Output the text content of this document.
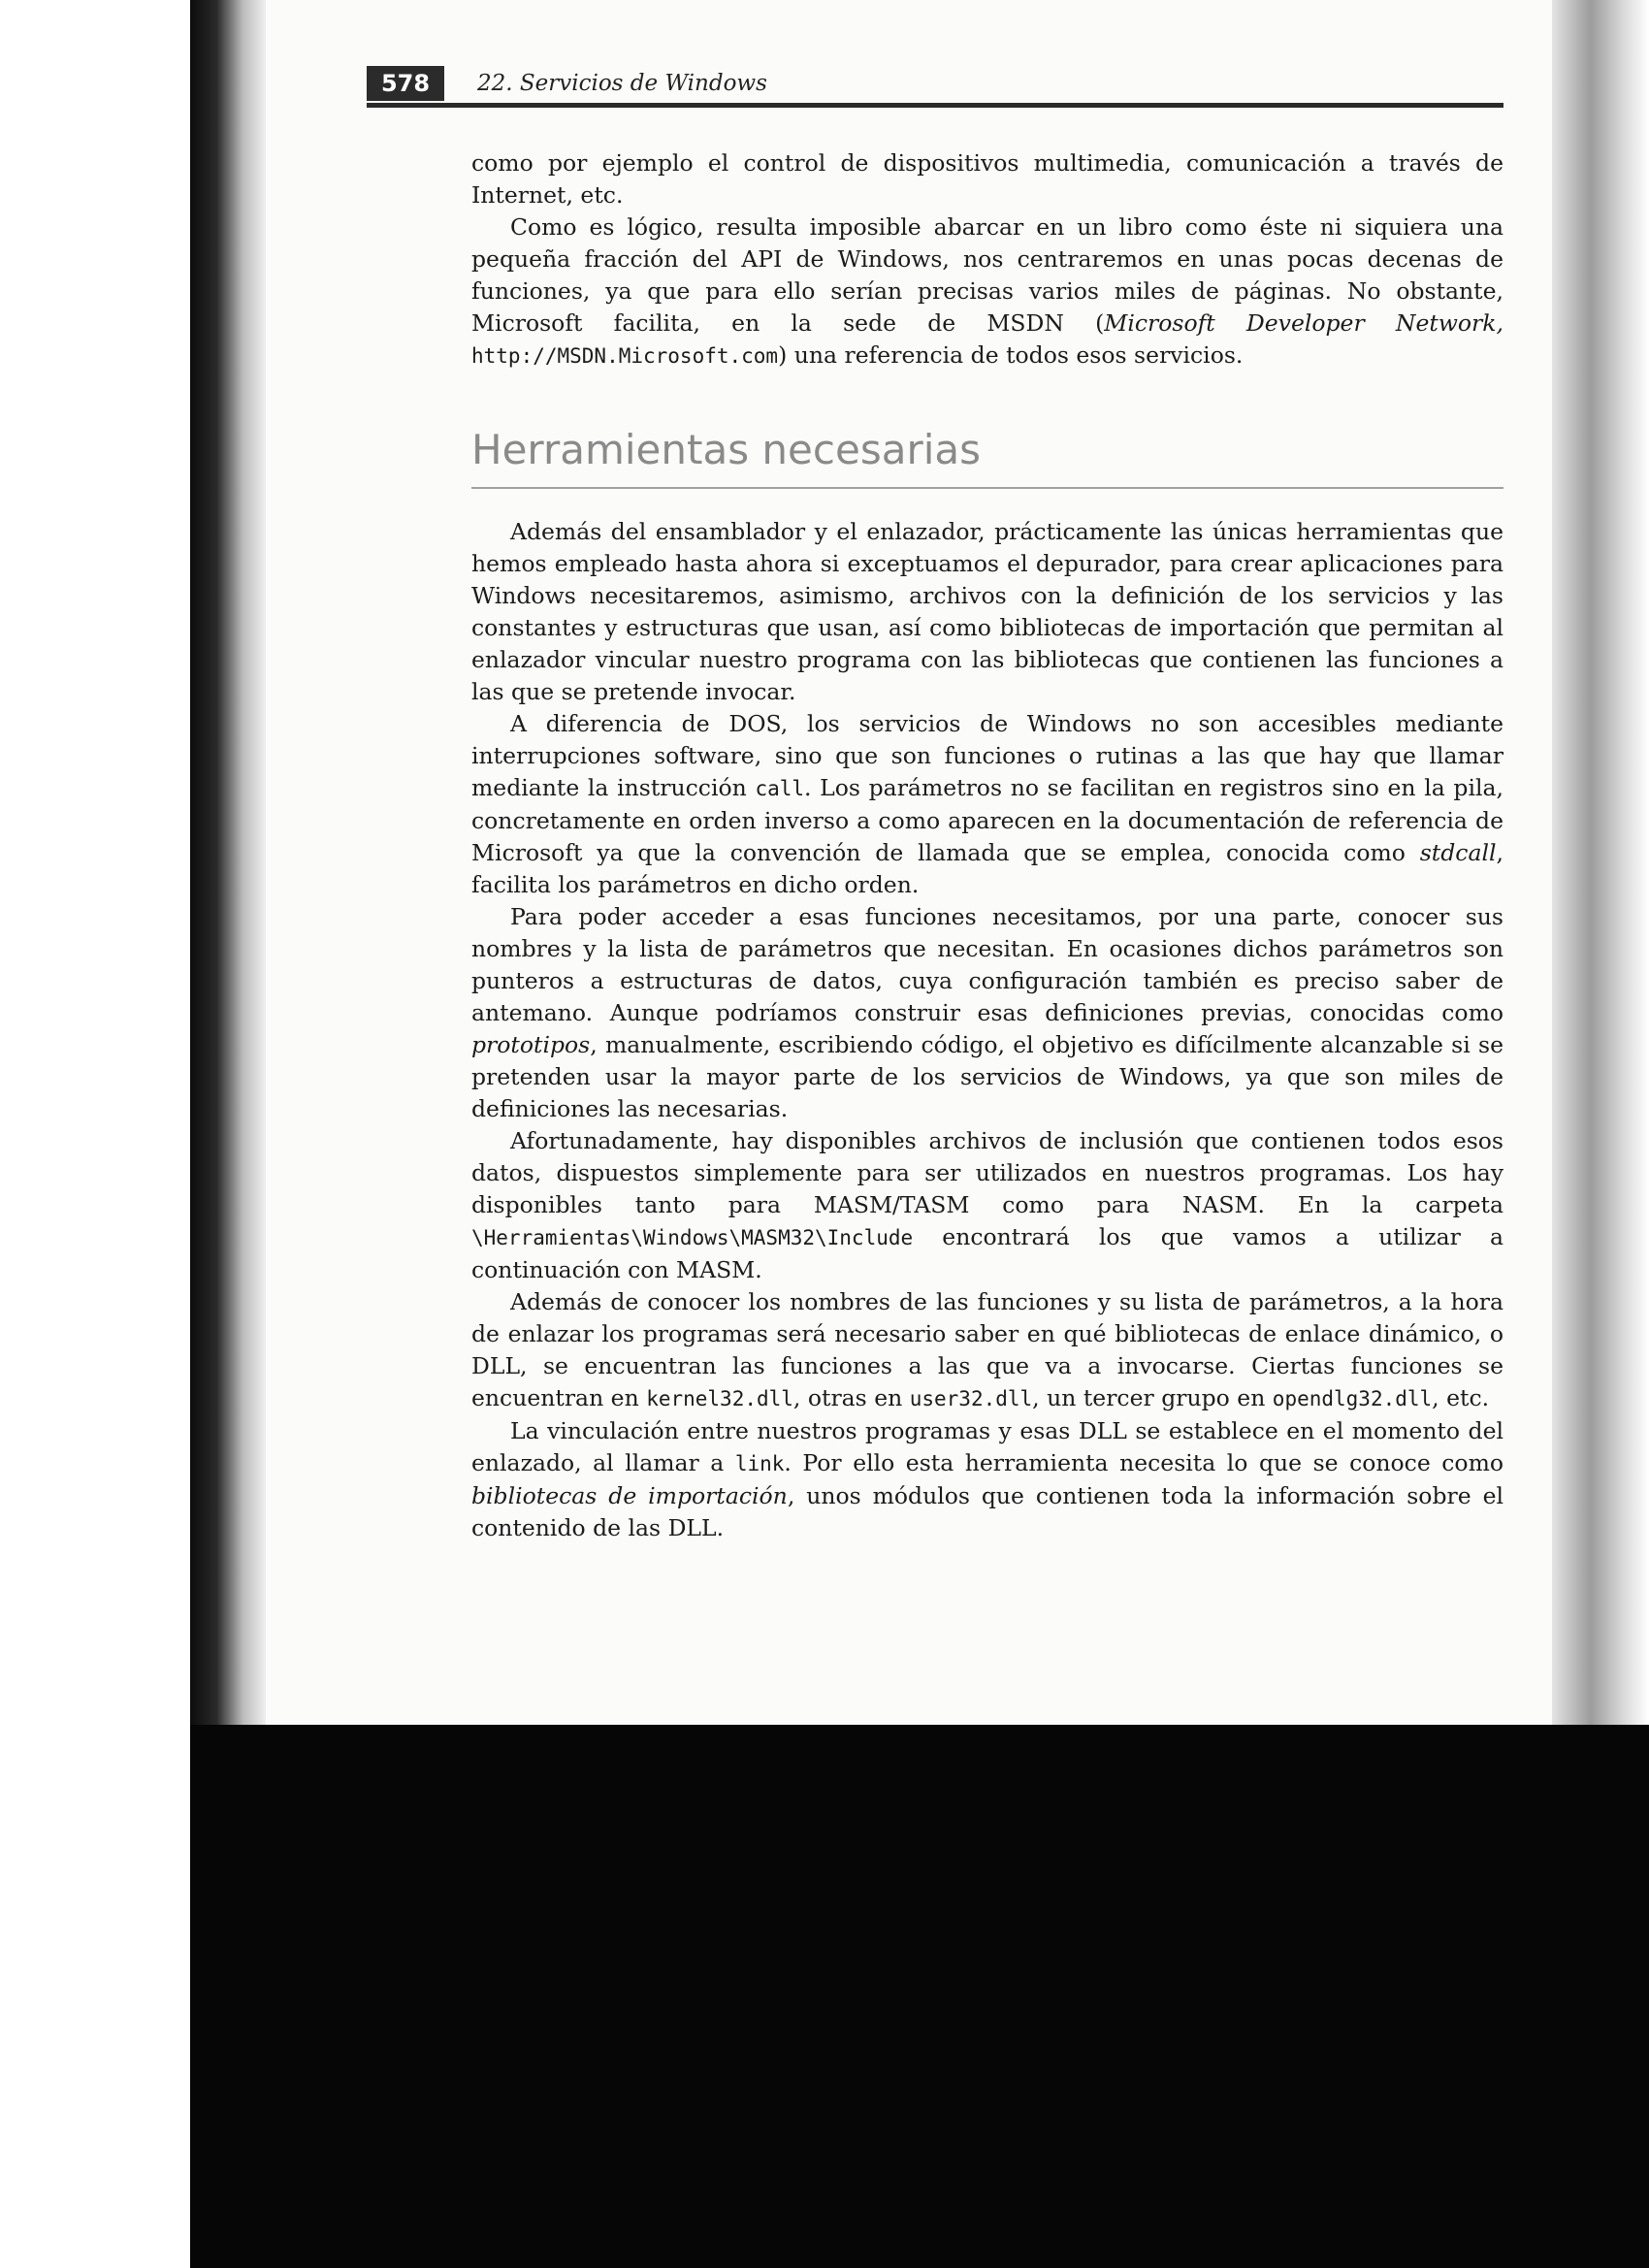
578	22. Servicios de Windows

como por ejemplo el control de dispositivos multimedia, comunicación a través de Internet, etc.

Como es lógico, resulta imposible abarcar en un libro como éste ni siquiera una pequeña fracción del API de Windows, nos centraremos en unas pocas decenas de funciones, ya que para ello serían precisas varios miles de páginas. No obstante, Microsoft facilita, en la sede de MSDN (Microsoft Developer Network, http://MSDN.Microsoft.com) una referencia de todos esos servicios.

Herramientas necesarias

Además del ensamblador y el enlazador, prácticamente las únicas herramientas que hemos empleado hasta ahora si exceptuamos el depurador, para crear aplicaciones para Windows necesitaremos, asimismo, archivos con la definición de los servicios y las constantes y estructuras que usan, así como bibliotecas de importación que permitan al enlazador vincular nuestro programa con las bibliotecas que contienen las funciones a las que se pretende invocar.

A diferencia de DOS, los servicios de Windows no son accesibles mediante interrupciones software, sino que son funciones o rutinas a las que hay que llamar mediante la instrucción call. Los parámetros no se facilitan en registros sino en la pila, concretamente en orden inverso a como aparecen en la documentación de referencia de Microsoft ya que la convención de llamada que se emplea, conocida como stdcall, facilita los parámetros en dicho orden.

Para poder acceder a esas funciones necesitamos, por una parte, conocer sus nombres y la lista de parámetros que necesitan. En ocasiones dichos parámetros son punteros a estructuras de datos, cuya configuración también es preciso saber de antemano. Aunque podríamos construir esas definiciones previas, conocidas como prototipos, manualmente, escribiendo código, el objetivo es difícilmente alcanzable si se pretenden usar la mayor parte de los servicios de Windows, ya que son miles de definiciones las necesarias.

Afortunadamente, hay disponibles archivos de inclusión que contienen todos esos datos, dispuestos simplemente para ser utilizados en nuestros programas. Los hay disponibles tanto para MASM/TASM como para NASM. En la carpeta \Herramientas\Windows\MASM32\Include encontrará los que vamos a utilizar a continuación con MASM.

Además de conocer los nombres de las funciones y su lista de parámetros, a la hora de enlazar los programas será necesario saber en qué bibliotecas de enlace dinámico, o DLL, se encuentran las funciones a las que va a invocarse. Ciertas funciones se encuentran en kernel32.dll, otras en user32.dll, un tercer grupo en opendlg32.dll, etc.

La vinculación entre nuestros programas y esas DLL se establece en el momento del enlazado, al llamar a link. Por ello esta herramienta necesita lo que se conoce como bibliotecas de importación, unos módulos que contienen toda la información sobre el contenido de las DLL.
